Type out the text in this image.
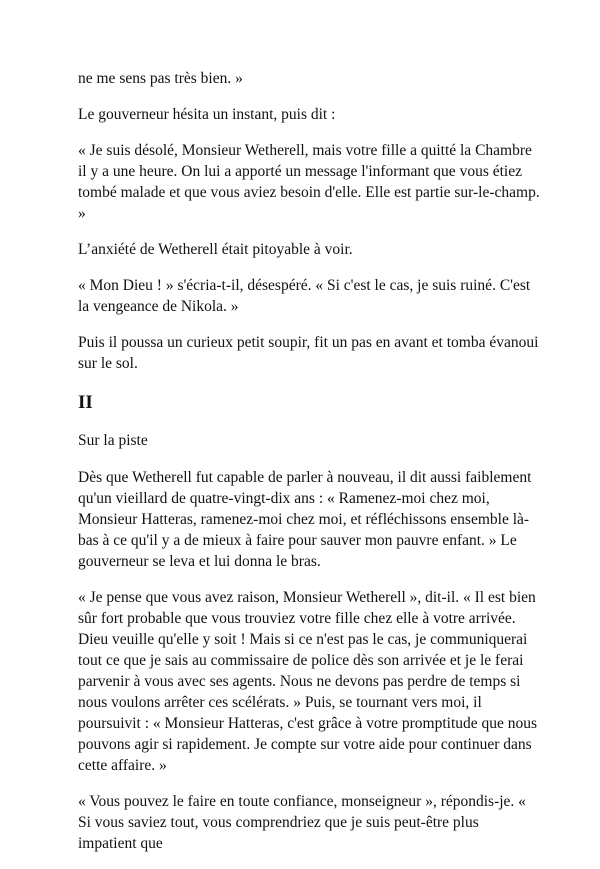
ne me sens pas très bien. »

Le gouverneur hésita un instant, puis dit :

« Je suis désolé, Monsieur Wetherell, mais votre fille a quitté la Chambre il y a une heure. On lui a apporté un message l'informant que vous étiez tombé malade et que vous aviez besoin d'elle. Elle est partie sur-le-champ. »

L’anxiété de Wetherell était pitoyable à voir.

« Mon Dieu ! » s'écria-t-il, désespéré. « Si c'est le cas, je suis ruiné. C'est la vengeance de Nikola. »

Puis il poussa un curieux petit soupir, fit un pas en avant et tomba évanoui sur le sol.

II

Sur la piste

Dès que Wetherell fut capable de parler à nouveau, il dit aussi faiblement qu'un vieillard de quatre-vingt-dix ans : « Ramenez-moi chez moi, Monsieur Hatteras, ramenez-moi chez moi, et réfléchissons ensemble là-bas à ce qu'il y a de mieux à faire pour sauver mon pauvre enfant. » Le gouverneur se leva et lui donna le bras.

« Je pense que vous avez raison, Monsieur Wetherell », dit-il. « Il est bien sûr fort probable que vous trouviez votre fille chez elle à votre arrivée. Dieu veuille qu'elle y soit ! Mais si ce n'est pas le cas, je communiquerai tout ce que je sais au commissaire de police dès son arrivée et je le ferai parvenir à vous avec ses agents. Nous ne devons pas perdre de temps si nous voulons arrêter ces scélérats. » Puis, se tournant vers moi, il poursuivit : « Monsieur Hatteras, c'est grâce à votre promptitude que nous pouvons agir si rapidement. Je compte sur votre aide pour continuer dans cette affaire. »

« Vous pouvez le faire en toute confiance, monseigneur », répondis-je. « Si vous saviez tout, vous comprendriez que je suis peut-être plus impatient que
